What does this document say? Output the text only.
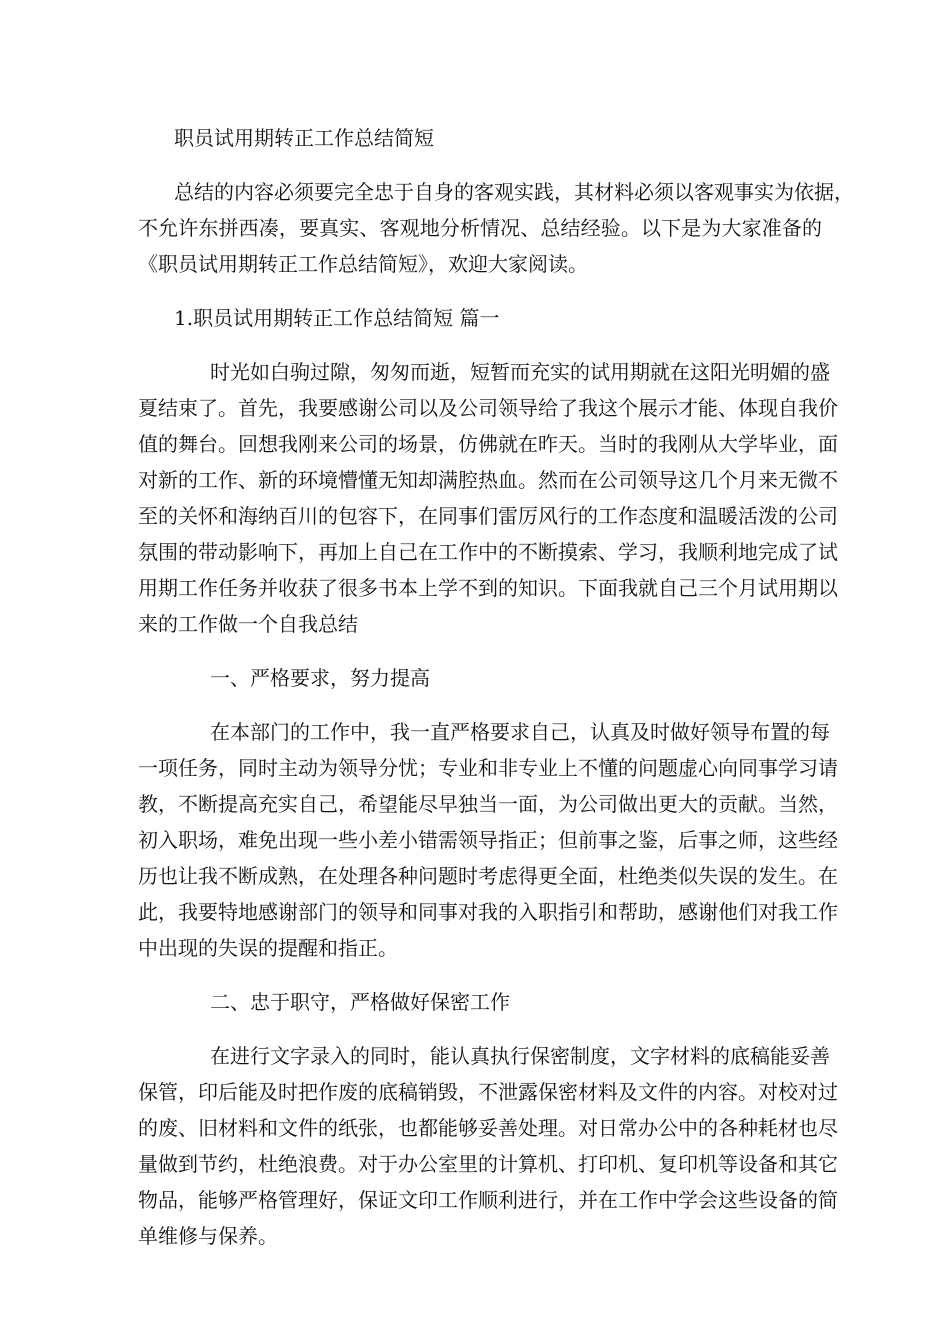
职员试用期转正工作总结简短

总结的内容必须要完全忠于自身的客观实践，其材料必须以客观事实为依据，

不允许东拼西凑，要真实、客观地分析情况、总结经验。以下是为大家准备的

《职员试用期转正工作总结简短》，欢迎大家阅读。

1.职员试用期转正工作总结简短 篇一

时光如白驹过隙，匆匆而逝，短暂而充实的试用期就在这阳光明媚的盛

夏结束了。首先，我要感谢公司以及公司领导给了我这个展示才能、体现自我价

值的舞台。回想我刚来公司的场景，仿佛就在昨天。当时的我刚从大学毕业，面

对新的工作、新的环境懵懂无知却满腔热血。然而在公司领导这几个月来无微不

至的关怀和海纳百川的包容下，在同事们雷厉风行的工作态度和温暖活泼的公司

氛围的带动影响下，再加上自己在工作中的不断摸索、学习，我顺利地完成了试

用期工作任务并收获了很多书本上学不到的知识。下面我就自己三个月试用期以

来的工作做一个自我总结

一、严格要求，努力提高

在本部门的工作中，我一直严格要求自己，认真及时做好领导布置的每

一项任务，同时主动为领导分忧；专业和非专业上不懂的问题虚心向同事学习请

教，不断提高充实自己，希望能尽早独当一面，为公司做出更大的贡献。当然，

初入职场，难免出现一些小差小错需领导指正；但前事之鉴，后事之师，这些经

历也让我不断成熟，在处理各种问题时考虑得更全面，杜绝类似失误的发生。在

此，我要特地感谢部门的领导和同事对我的入职指引和帮助，感谢他们对我工作

中出现的失误的提醒和指正。

二、忠于职守，严格做好保密工作

在进行文字录入的同时，能认真执行保密制度，文字材料的底稿能妥善

保管，印后能及时把作废的底稿销毁，不泄露保密材料及文件的内容。对校对过

的废、旧材料和文件的纸张，也都能够妥善处理。对日常办公中的各种耗材也尽

量做到节约，杜绝浪费。对于办公室里的计算机、打印机、复印机等设备和其它

物品，能够严格管理好，保证文印工作顺利进行，并在工作中学会这些设备的简

单维修与保养。
